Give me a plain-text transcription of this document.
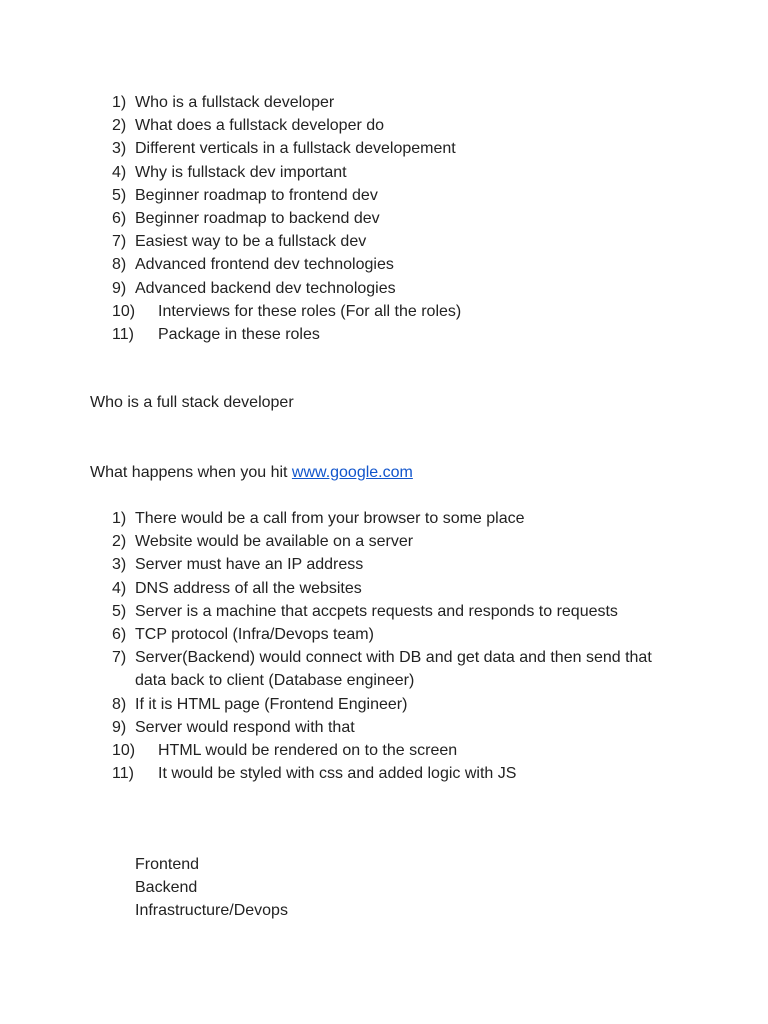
1) Who is a fullstack developer
2) What does a fullstack developer do
3) Different verticals in a fullstack developement
4) Why is fullstack dev important
5) Beginner roadmap to frontend dev
6) Beginner roadmap to backend dev
7) Easiest way to be a fullstack dev
8) Advanced frontend dev technologies
9) Advanced backend dev technologies
10) Interviews for these roles (For all the roles)
11) Package in these roles
Who is a full stack developer
What happens when you hit www.google.com
1) There would be a call from your browser to some place
2) Website would be available on a server
3) Server must have an IP address
4) DNS address of all the websites
5) Server is a machine that accpets requests and responds to requests
6) TCP protocol (Infra/Devops team)
7) Server(Backend) would connect with DB and get data and then send that data back to client (Database engineer)
8) If it is HTML page (Frontend Engineer)
9) Server would respond with that
10) HTML would be rendered on to the screen
11) It would be styled with css and added logic with JS
Frontend
Backend
Infrastructure/Devops
